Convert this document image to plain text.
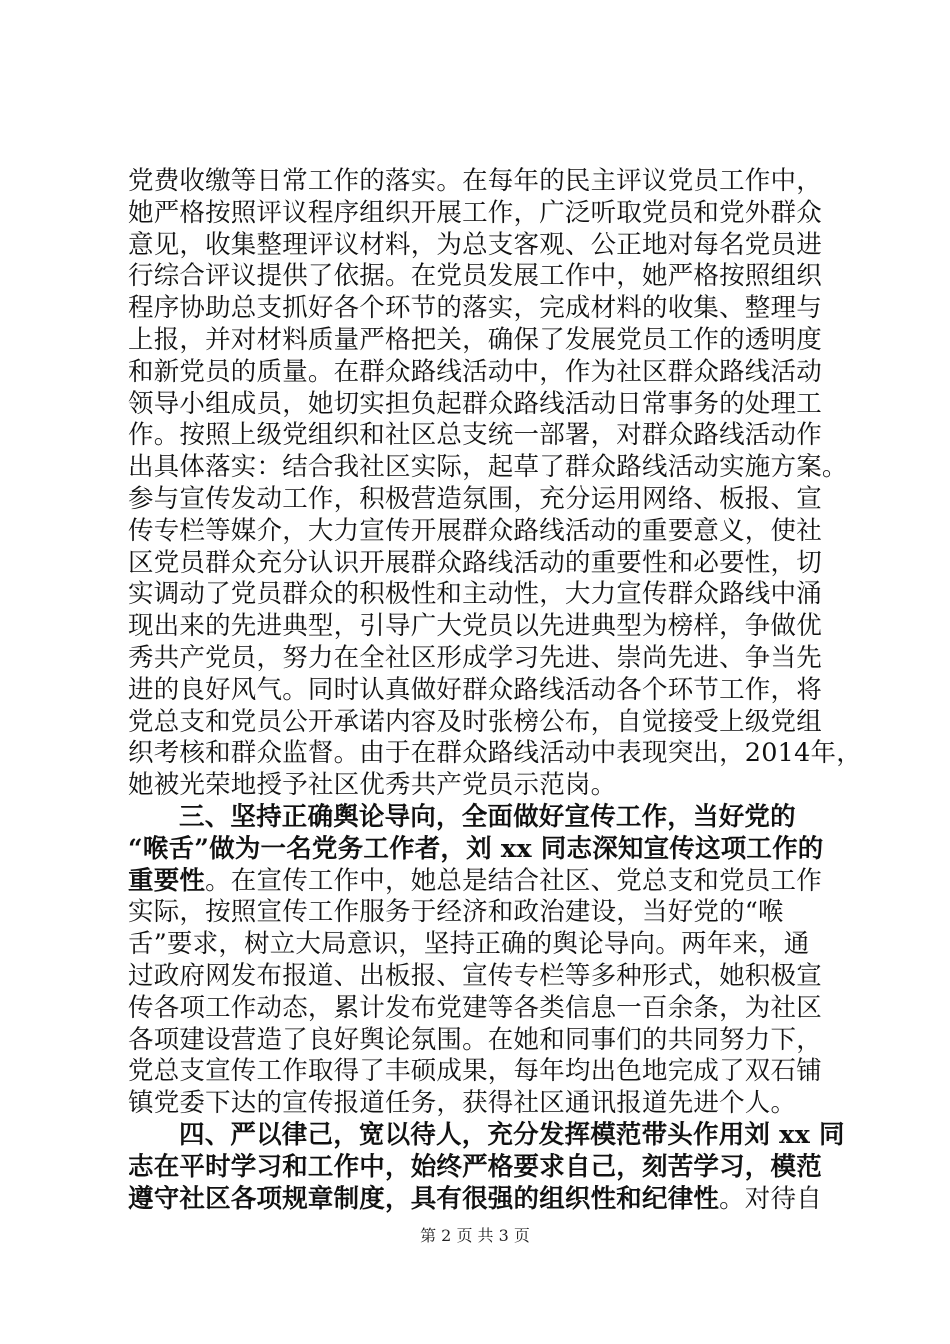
党费收缴等日常工作的落实。在每年的民主评议党员工作中，
她严格按照评议程序组织开展工作，广泛听取党员和党外群众
意见，收集整理评议材料，为总支客观、公正地对每名党员进
行综合评议提供了依据。在党员发展工作中，她严格按照组织
程序协助总支抓好各个环节的落实，完成材料的收集、整理与
上报，并对材料质量严格把关，确保了发展党员工作的透明度
和新党员的质量。在群众路线活动中，作为社区群众路线活动
领导小组成员，她切实担负起群众路线活动日常事务的处理工
作。按照上级党组织和社区总支统一部署，对群众路线活动作
出具体落实：结合我社区实际，起草了群众路线活动实施方案。
参与宣传发动工作，积极营造氛围，充分运用网络、板报、宣
传专栏等媒介，大力宣传开展群众路线活动的重要意义，使社
区党员群众充分认识开展群众路线活动的重要性和必要性，切
实调动了党员群众的积极性和主动性，大力宣传群众路线中涌
现出来的先进典型，引导广大党员以先进典型为榜样，争做优
秀共产党员，努力在全社区形成学习先进、崇尚先进、争当先
进的良好风气。同时认真做好群众路线活动各个环节工作，将
党总支和党员公开承诺内容及时张榜公布，自觉接受上级党组
织考核和群众监督。由于在群众路线活动中表现突出，2014年，
她被光荣地授予社区优秀共产党员示范岗。
三、坚持正确舆论导向，全面做好宣传工作，当好党的
“喉舌”做为一名党务工作者，刘 xx 同志深知宣传这项工作的
重要性。在宣传工作中，她总是结合社区、党总支和党员工作
实际，按照宣传工作服务于经济和政治建设，当好党的“喉
舌”要求，树立大局意识，坚持正确的舆论导向。两年来，通
过政府网发布报道、出板报、宣传专栏等多种形式，她积极宣
传各项工作动态，累计发布党建等各类信息一百余条，为社区
各项建设营造了良好舆论氛围。在她和同事们的共同努力下，
党总支宣传工作取得了丰硕成果，每年均出色地完成了双石铺
镇党委下达的宣传报道任务，获得社区通讯报道先进个人。
四、严以律己，宽以待人，充分发挥模范带头作用刘 xx 同
志在平时学习和工作中，始终严格要求自己，刻苦学习，模范
遵守社区各项规章制度，具有很强的组织性和纪律性。对待自
第 2 页 共 3 页
